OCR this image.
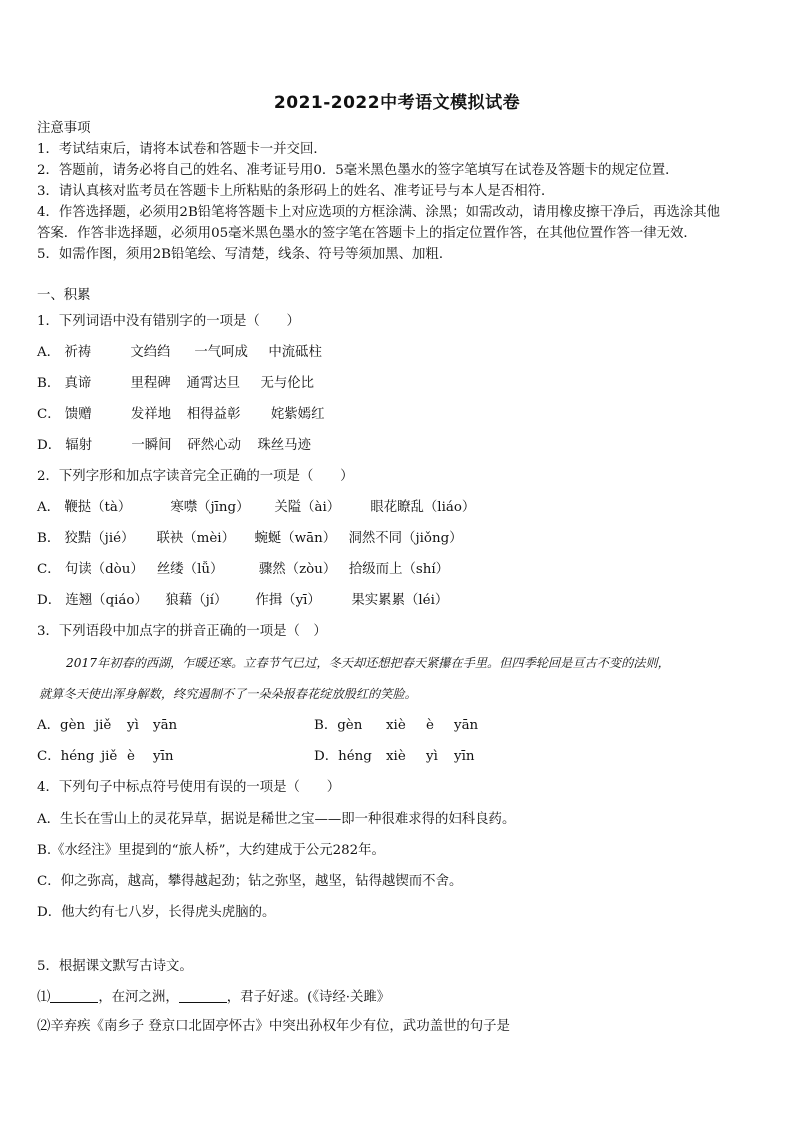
2021-2022中考语文模拟试卷
注意事项
1．考试结束后，请将本试卷和答题卡一并交回．
2．答题前，请务必将自己的姓名、准考证号用0．5毫米黑色墨水的签字笔填写在试卷及答题卡的规定位置．
3．请认真核对监考员在答题卡上所粘贴的条形码上的姓名、准考证号与本人是否相符．
4．作答选择题，必须用2B铅笔将答题卡上对应选项的方框涂满、涂黑；如需改动，请用橡皮擦干净后，再选涂其他
答案．作答非选择题，必须用05毫米黑色墨水的签字笔在答题卡上的指定位置作答，在其他位置作答一律无效．
5．如需作图，须用2B铅笔绘、写清楚，线条、符号等须加黑、加粗．
一、积累
1．下列词语中没有错别字的一项是（　　）
A． 祈祷	文绉绉 一气呵成 中流砥柱
B． 真谛	里程碑 通霄达旦 无与伦比
C． 馈赠	发祥地 相得益彰 姹紫嫣红
D． 辐射	一瞬间 砰然心动 珠丝马迹
2．下列字形和加点字读音完全正确的一项是（　　）
A． 鞭挞（tà）	寒噤（jīng） 关隘（ài） 眼花瞭乱（liáo）
B． 狡黠（jié） 联袂（mèi） 蜿蜒（wān） 洞然不同（jiǒng）
C． 句读（dòu） 丝缕（lǚ）	骤然（zòu） 拾级而上（shí）
D． 连翘（qiáo） 狼藉（jí） 作揖（yī） 果实累累（léi）
3．下列语段中加点字的拼音正确的一项是（　）
2017年初春的西湖，乍暖还寒。立春节气已过，冬天却还想把春天紧攥在手里。但四季轮回是亘古不变的法则，
就算冬天使出浑身解数，终究遏制不了一朵朵报春花绽放殷红的笑脸。
A．gèn jiě yì yān	B．gèn xiè è yān
C．héng jiě è yīn	D．héng xiè yì yīn
4．下列句子中标点符号使用有误的一项是（　　）
A．生长在雪山上的灵花异草，据说是稀世之宝——即一种很难求得的妇科良药。
B.《水经注》里提到的“旅人桥”，大约建成于公元282年。
C．仰之弥高，越高，攀得越起劲；钻之弥坚，越坚，钻得越锲而不舍。
D．他大约有七八岁，长得虎头虎脑的。
5．根据课文默写古诗文。
⑴	，在河之洲，	，君子好逑。(《诗经·关雎》
⑵辛弃疾《南乡子 登京口北固亭怀古》中突出孙权年少有位，武功盖世的句子是
